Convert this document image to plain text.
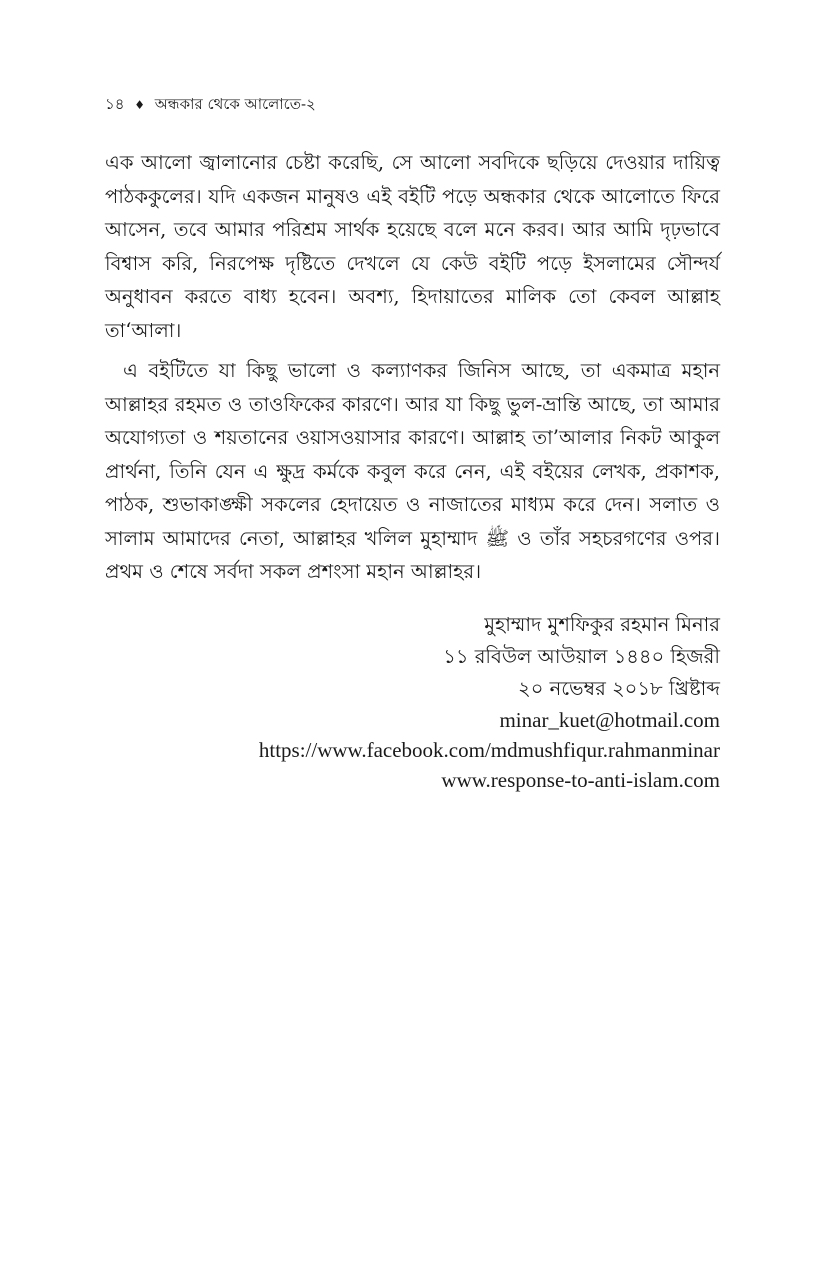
১৪ ♦ অন্ধকার থেকে আলোতে-২

এক আলো জ্বালানোর চেষ্টা করেছি, সে আলো সবদিকে ছড়িয়ে দেওয়ার দায়িত্ব পাঠককুলের। যদি একজন মানুষও এই বইটি পড়ে অন্ধকার থেকে আলোতে ফিরে আসেন, তবে আমার পরিশ্রম সার্থক হয়েছে বলে মনে করব। আর আমি দৃঢ়ভাবে বিশ্বাস করি, নিরপেক্ষ দৃষ্টিতে দেখলে যে কেউ বইটি পড়ে ইসলামের সৌন্দর্য অনুধাবন করতে বাধ্য হবেন। অবশ্য, হিদায়াতের মালিক তো কেবল আল্লাহ তা‘আলা।

এ বইটিতে যা কিছু ভালো ও কল্যাণকর জিনিস আছে, তা একমাত্র মহান আল্লাহর রহমত ও তাওফিকের কারণে। আর যা কিছু ভুল-ভ্রান্তি আছে, তা আমার অযোগ্যতা ও শয়তানের ওয়াসওয়াসার কারণে। আল্লাহ তা’আলার নিকট আকুল প্রার্থনা, তিনি যেন এ ক্ষুদ্র কর্মকে কবুল করে নেন, এই বইয়ের লেখক, প্রকাশক, পাঠক, শুভাকাঙ্ক্ষী সকলের হেদায়েত ও নাজাতের মাধ্যম করে দেন। সলাত ও সালাম আমাদের নেতা, আল্লাহর খলিল মুহাম্মাদ ﷺ ও তাঁর সহচরগণের ওপর। প্রথম ও শেষে সর্বদা সকল প্রশংসা মহান আল্লাহর।

মুহাম্মাদ মুশফিকুর রহমান মিনার
১১ রবিউল আউয়াল ১৪৪০ হিজরী
২০ নভেম্বর ২০১৮ খ্রিষ্টাব্দ
minar_kuet@hotmail.com
https://www.facebook.com/mdmushfiqur.rahmanminar
www.response-to-anti-islam.com
